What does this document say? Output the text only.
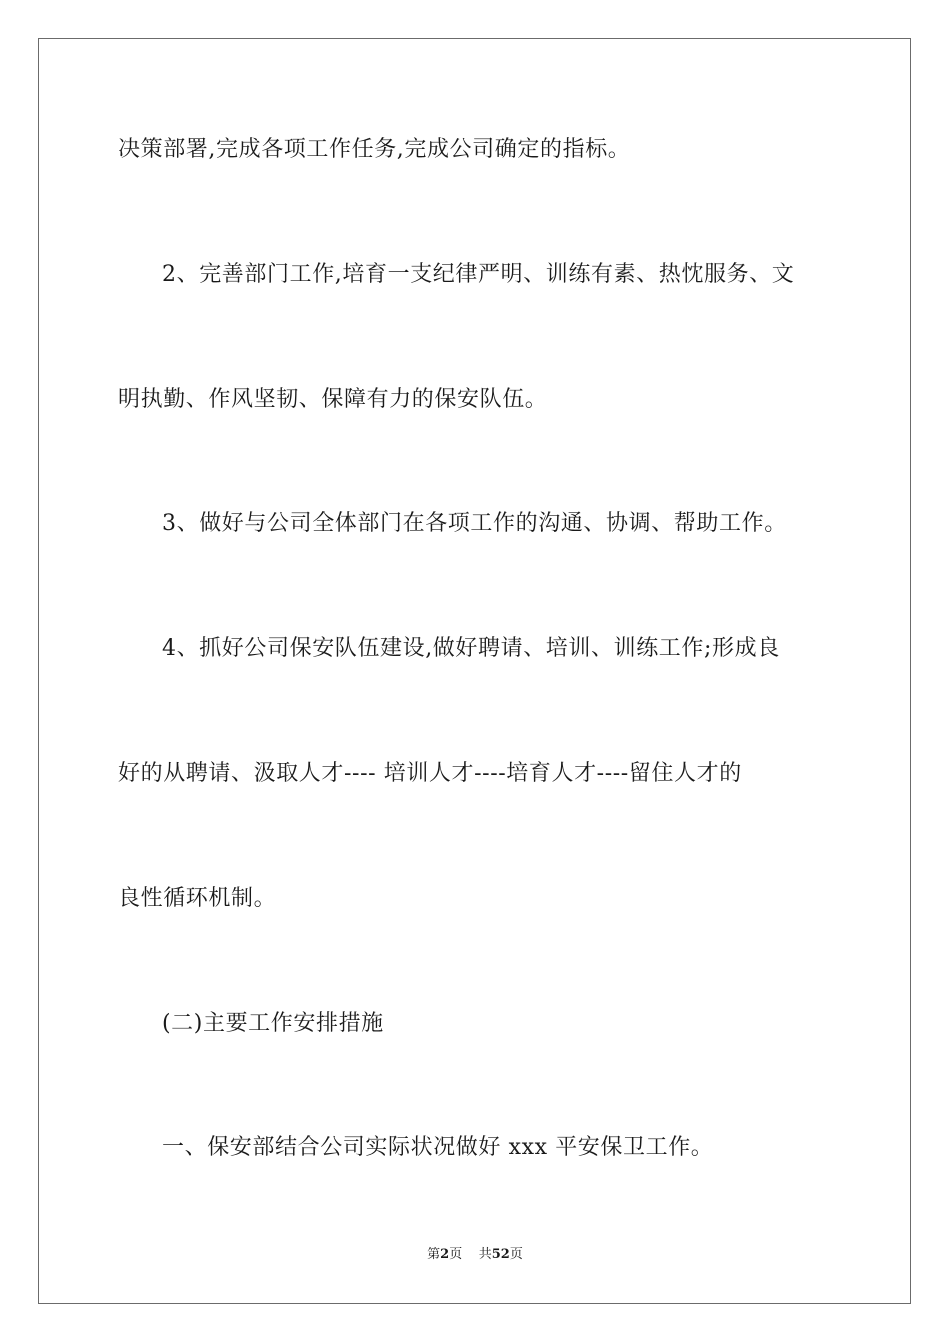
决策部署,完成各项工作任务,完成公司确定的指标。
2、完善部门工作,培育一支纪律严明、训练有素、热忱服务、文
明执勤、作风坚韧、保障有力的保安队伍。
3、做好与公司全体部门在各项工作的沟通、协调、帮助工作。
4、抓好公司保安队伍建设,做好聘请、培训、训练工作;形成良
好的从聘请、汲取人才---- 培训人才----培育人才----留住人才的
良性循环机制。
(二)主要工作安排措施
一、保安部结合公司实际状况做好 xxx 平安保卫工作。
第2页 共52页
